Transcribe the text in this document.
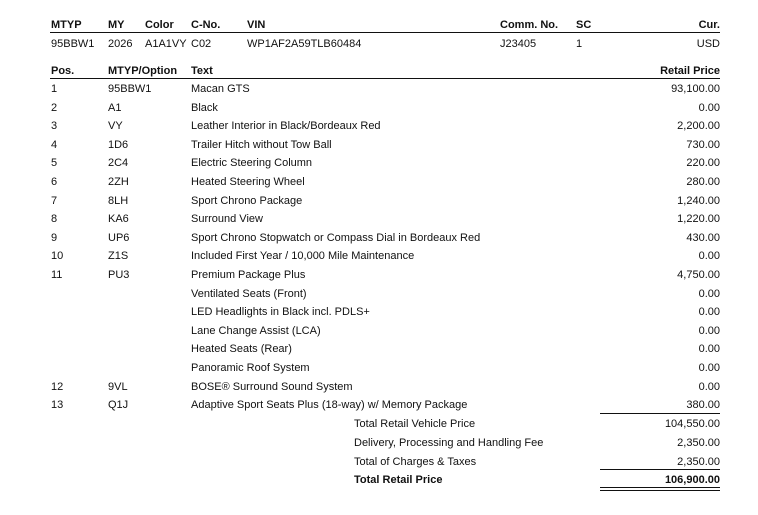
MTYP MY Color C-No. VIN	Comm. No. SC	Cur.
95BBW1 2026 A1A1VY C02	WP1AF2A59TLB60484	J23405	1	USD
Pos.	MTYP/Option Text	Retail Price
1	95BBW1	Macan GTS	93,100.00
2	A1	Black	0.00
3	VY	Leather Interior in Black/Bordeaux Red	2,200.00
4	1D6	Trailer Hitch without Tow Ball	730.00
5	2C4	Electric Steering Column	220.00
6	2ZH	Heated Steering Wheel	280.00
7	8LH	Sport Chrono Package	1,240.00
8	KA6	Surround View	1,220.00
9	UP6	Sport Chrono Stopwatch or Compass Dial in Bordeaux Red	430.00
10	Z1S	Included First Year / 10,000 Mile Maintenance	0.00
11	PU3	Premium Package Plus	4,750.00
Ventilated Seats (Front)	0.00
LED Headlights in Black incl. PDLS+	0.00
Lane Change Assist (LCA)	0.00
Heated Seats (Rear)	0.00
Panoramic Roof System	0.00
12	9VL	BOSE® Surround Sound System	0.00
13	Q1J	Adaptive Sport Seats Plus (18-way) w/ Memory Package	380.00
Total Retail Vehicle Price	104,550.00
Delivery, Processing and Handling Fee	2,350.00
Total of Charges & Taxes	2,350.00
Total Retail Price	106,900.00
